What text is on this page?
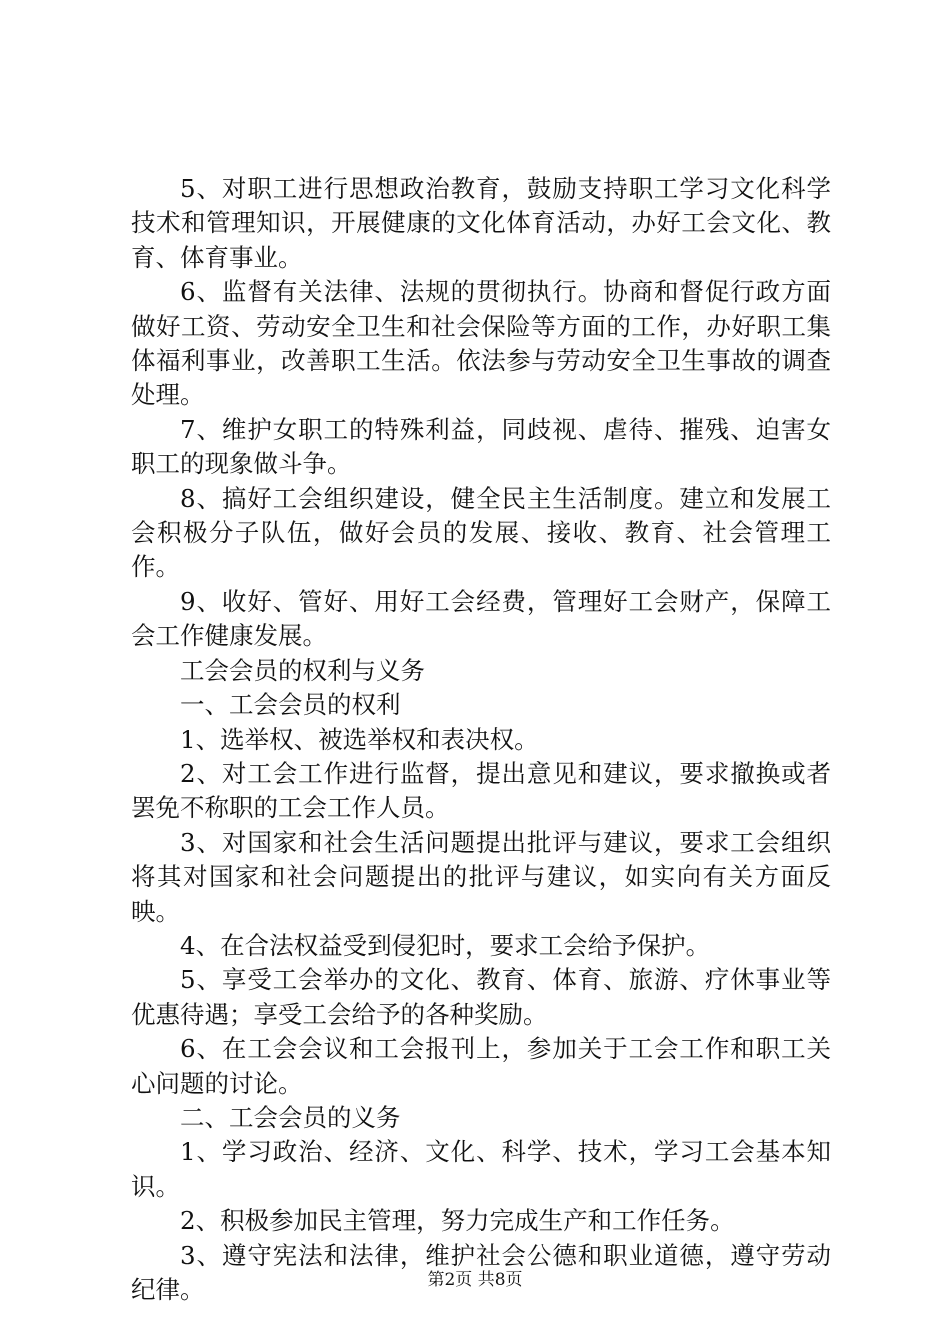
5、对职工进行思想政治教育，鼓励支持职工学习文化科学技术和管理知识，开展健康的文化体育活动，办好工会文化、教育、体育事业。

6、监督有关法律、法规的贯彻执行。协商和督促行政方面做好工资、劳动安全卫生和社会保险等方面的工作，办好职工集体福利事业，改善职工生活。依法参与劳动安全卫生事故的调查处理。

7、维护女职工的特殊利益，同歧视、虐待、摧残、迫害女职工的现象做斗争。

8、搞好工会组织建设，健全民主生活制度。建立和发展工会积极分子队伍，做好会员的发展、接收、教育、社会管理工作。

9、收好、管好、用好工会经费，管理好工会财产，保障工会工作健康发展。

工会会员的权利与义务

一、工会会员的权利

1、选举权、被选举权和表决权。

2、对工会工作进行监督，提出意见和建议，要求撤换或者罢免不称职的工会工作人员。

3、对国家和社会生活问题提出批评与建议，要求工会组织将其对国家和社会问题提出的批评与建议，如实向有关方面反映。

4、在合法权益受到侵犯时，要求工会给予保护。

5、享受工会举办的文化、教育、体育、旅游、疗休事业等优惠待遇；享受工会给予的各种奖励。

6、在工会会议和工会报刊上，参加关于工会工作和职工关心问题的讨论。

二、工会会员的义务

1、学习政治、经济、文化、科学、技术，学习工会基本知识。

2、积极参加民主管理，努力完成生产和工作任务。

3、遵守宪法和法律，维护社会公德和职业道德，遵守劳动纪律。	第2页 共8页
